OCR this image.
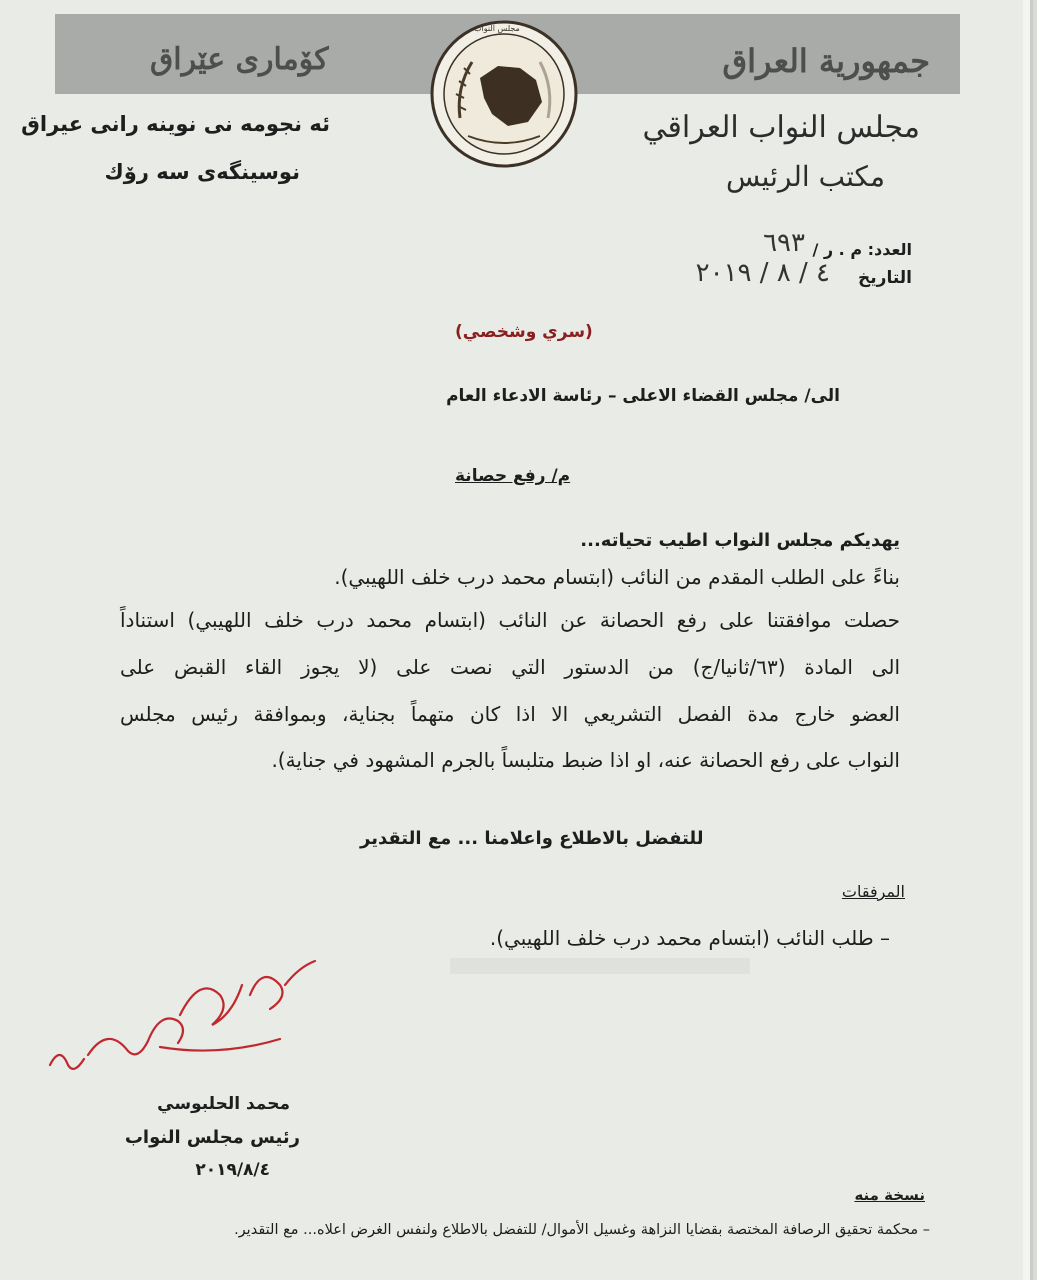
کۆماری عێراق	جمهورية العراق
مجلس النواب
ئه نجومه نی نوینه رانی عیراق
نوسینگه‌ی سه رۆك
مجلس النواب العراقي
مكتب الرئيس
العدد: م . ر /
٦٩٣
التاريخ
٤ / ٨ / ٢٠١٩
(سري وشخصي)
الى/ مجلس القضاء الاعلى – رئاسة الادعاء العام
م/ رفع حصانة
يهديكم مجلس النواب اطيب تحياته...
بناءً على الطلب المقدم من النائب (ابتسام محمد درب خلف اللهيبي).
حصلت موافقتنا على رفع الحصانة عن النائب (ابتسام محمد درب خلف اللهيبي) استناداً
الى المادة (٦٣/ثانيا/ج) من الدستور التي نصت على (لا يجوز القاء القبض على
العضو خارج مدة الفصل التشريعي الا اذا كان متهماً بجناية، وبموافقة رئيس مجلس
النواب على رفع الحصانة عنه، او اذا ضبط متلبساً بالجرم المشهود في جناية).
للتفضل بالاطلاع واعلامنا ... مع التقدير
المرفقات
– طلب النائب (ابتسام محمد درب خلف اللهيبي).
محمد الحلبوسي
رئيس مجلس النواب
٢٠١٩/٨/٤
نسخة منه
– محكمة تحقيق الرصافة المختصة بقضايا النزاهة وغسيل الأموال/ للتفضل بالاطلاع ولنفس الغرض اعلاه... مع التقدير.
